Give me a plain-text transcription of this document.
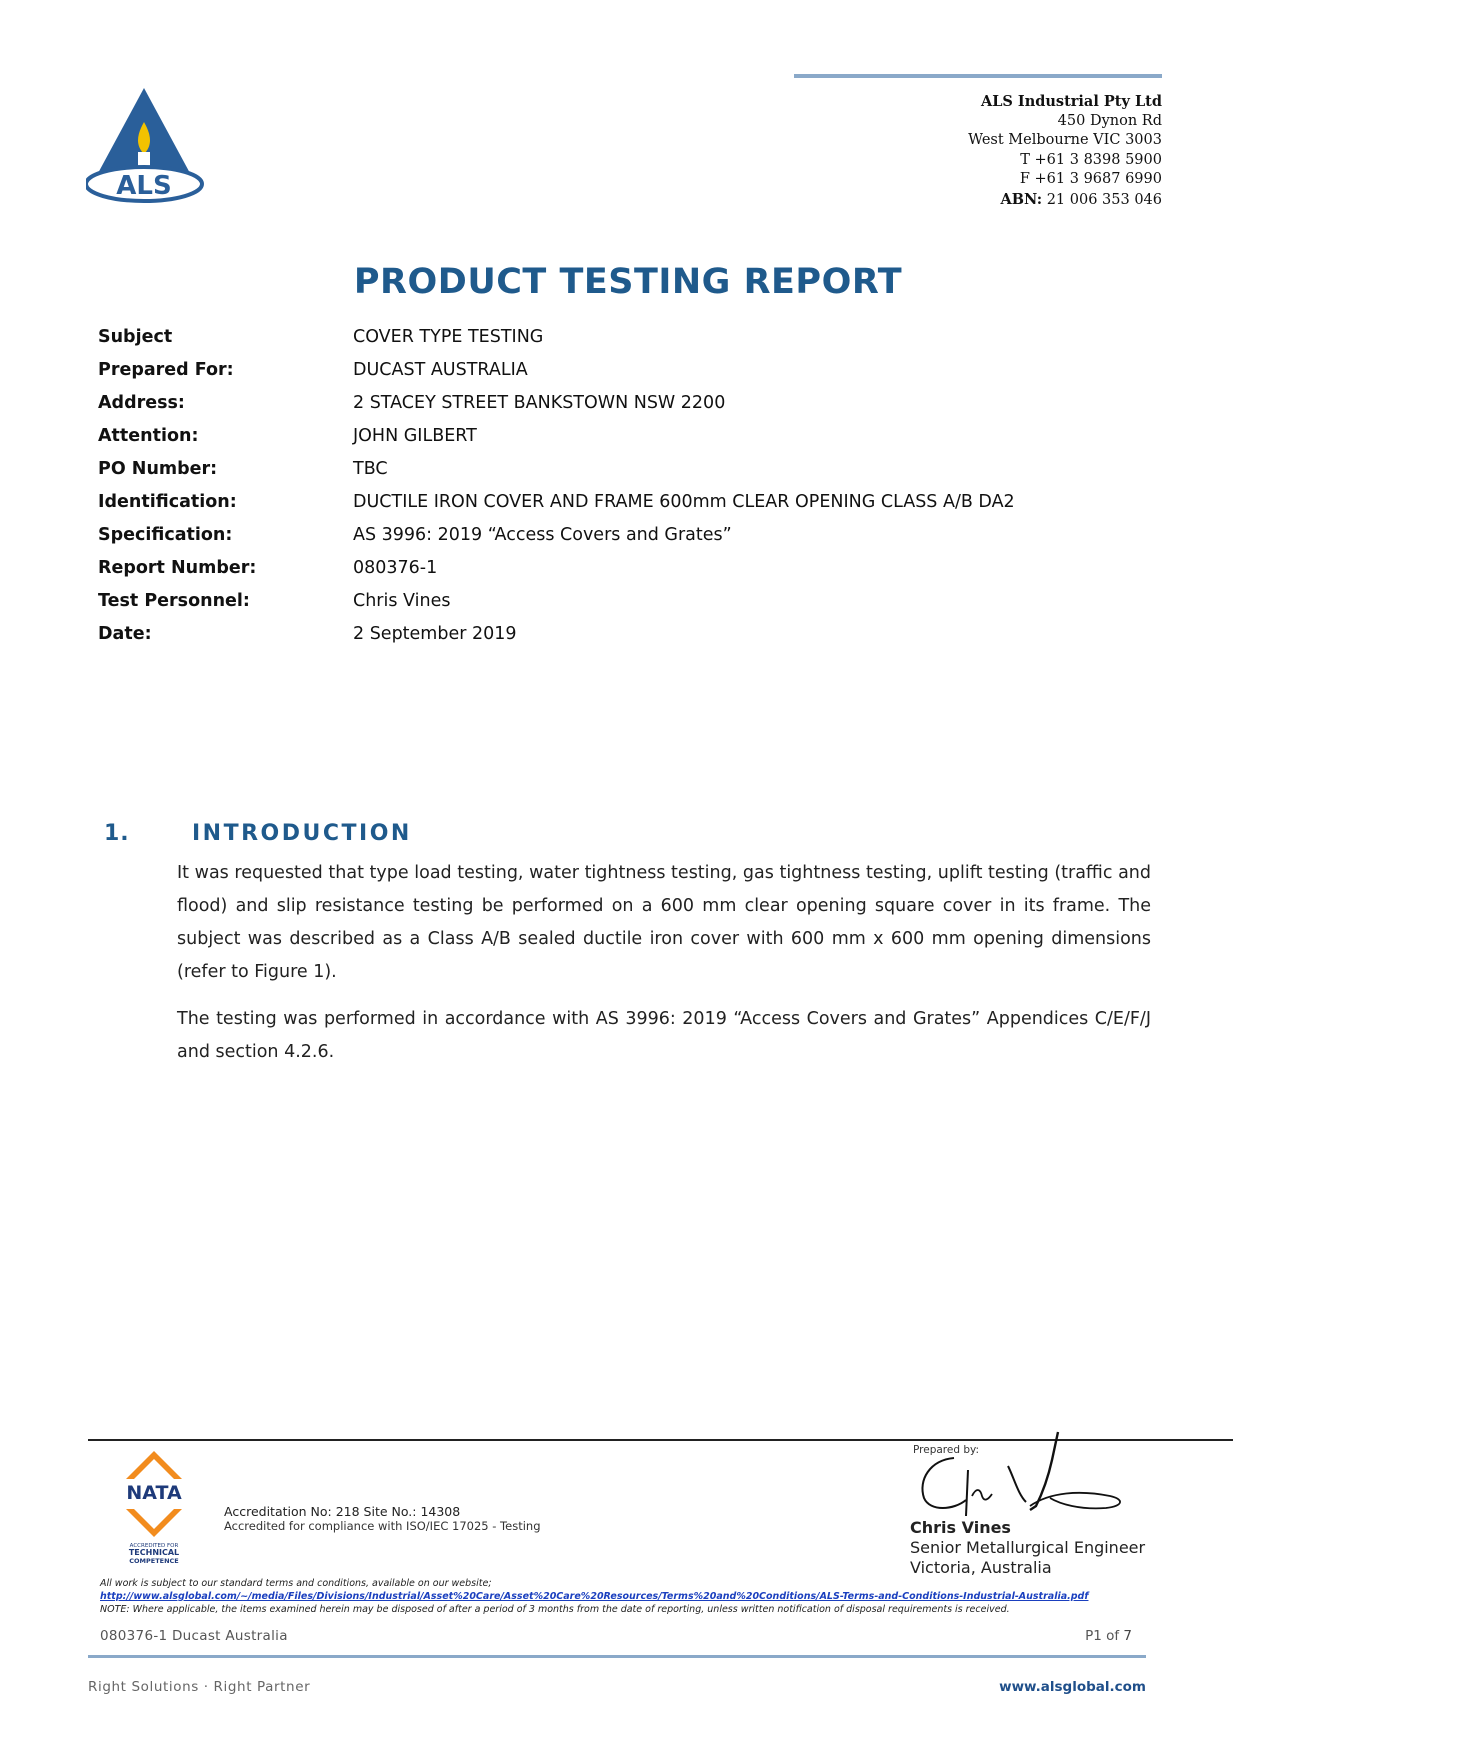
ALS
ALS Industrial Pty Ltd
450 Dynon Rd
West Melbourne VIC 3003
T +61 3 8398 5900
F +61 3 9687 6990
ABN: 21 006 353 046
PRODUCT TESTING REPORT
Subject	COVER TYPE TESTING
Prepared For:	DUCAST AUSTRALIA
Address:	2 STACEY STREET BANKSTOWN NSW 2200
Attention:	JOHN GILBERT
PO Number:	TBC
Identification:	DUCTILE IRON COVER AND FRAME 600mm CLEAR OPENING CLASS A/B DA2
Specification:	AS 3996: 2019 “Access Covers and Grates”
Report Number:	080376-1
Test Personnel:	Chris Vines
Date:	2 September 2019
1.	INTRODUCTION
It was requested that type load testing, water tightness testing, gas tightness testing, uplift testing (traffic and flood) and slip resistance testing be performed on a 600 mm clear opening square cover in its frame. The subject was described as a Class A/B sealed ductile iron cover with 600 mm x 600 mm opening dimensions (refer to Figure 1).
The testing was performed in accordance with AS 3996: 2019 “Access Covers and Grates” Appendices C/E/F/J and section 4.2.6.
NATA
ACCREDITED FOR
TECHNICAL
COMPETENCE
Accreditation No: 218 Site No.: 14308
Accredited for compliance with ISO/IEC 17025 - Testing
Prepared by:
Chris Vines
Senior Metallurgical Engineer
Victoria, Australia
All work is subject to our standard terms and conditions, available on our website;
http://www.alsglobal.com/~/media/Files/Divisions/Industrial/Asset%20Care/Asset%20Care%20Resources/Terms%20and%20Conditions/ALS-Terms-and-Conditions-Industrial-Australia.pdf
NOTE: Where applicable, the items examined herein may be disposed of after a period of 3 months from the date of reporting, unless written notification of disposal requirements is received.
080376-1 Ducast Australia	P1 of 7
Right Solutions · Right Partner	www.alsglobal.com
